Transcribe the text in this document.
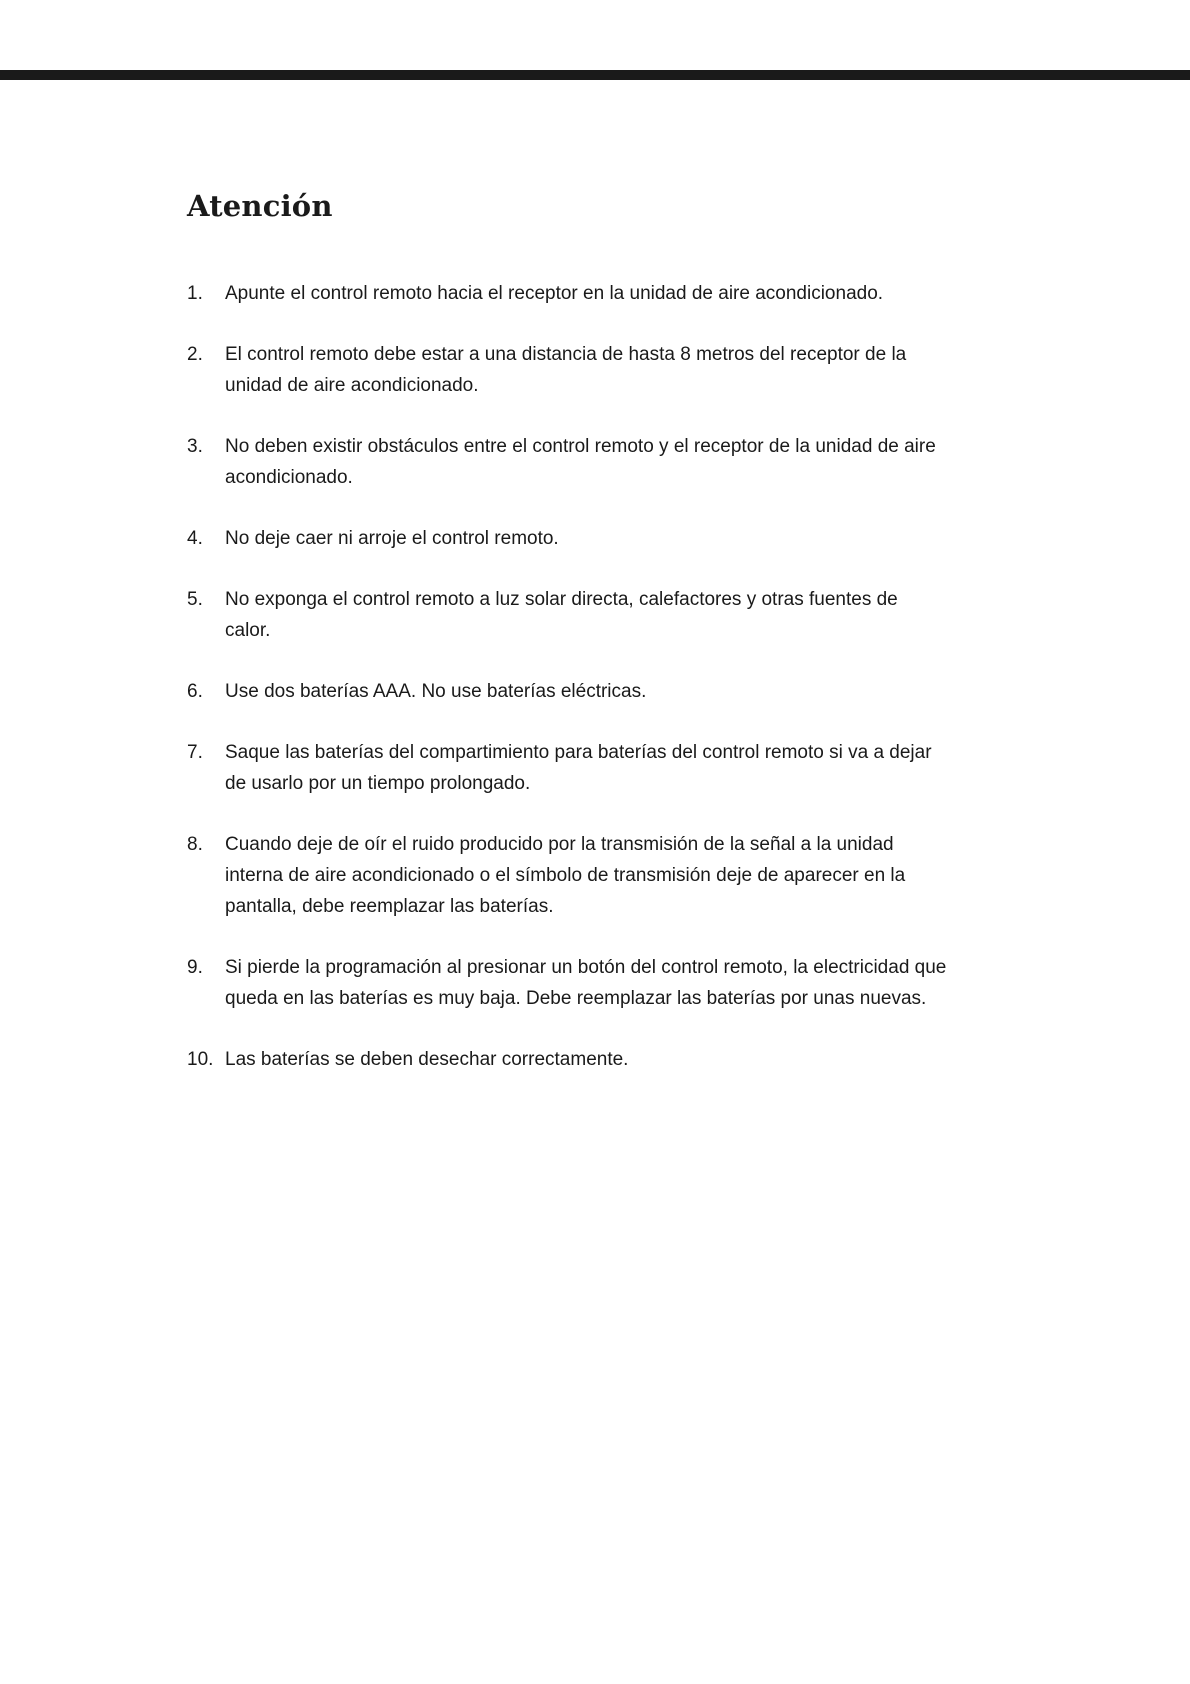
Atención
1.	Apunte el control remoto hacia el receptor en la unidad de aire acondicionado.
2.	El control remoto debe estar a una distancia de hasta 8 metros del receptor de la unidad de aire acondicionado.
3.	No deben existir obstáculos entre el control remoto y el receptor de la unidad de aire acondicionado.
4.	No deje caer ni arroje el control remoto.
5.	No exponga el control remoto a luz solar directa, calefactores y otras fuentes de calor.
6.	Use dos baterías AAA. No use baterías eléctricas.
7.	Saque las baterías del compartimiento para baterías del control remoto si va a dejar de usarlo por un tiempo prolongado.
8.	Cuando deje de oír el ruido producido por la transmisión de la señal a la unidad interna de aire acondicionado o el símbolo de transmisión deje de aparecer en la pantalla, debe reemplazar las baterías.
9.	Si pierde la programación al presionar un botón del control remoto, la electricidad que queda en las baterías es muy baja. Debe reemplazar las baterías por unas nuevas.
10. Las baterías se deben desechar correctamente.
